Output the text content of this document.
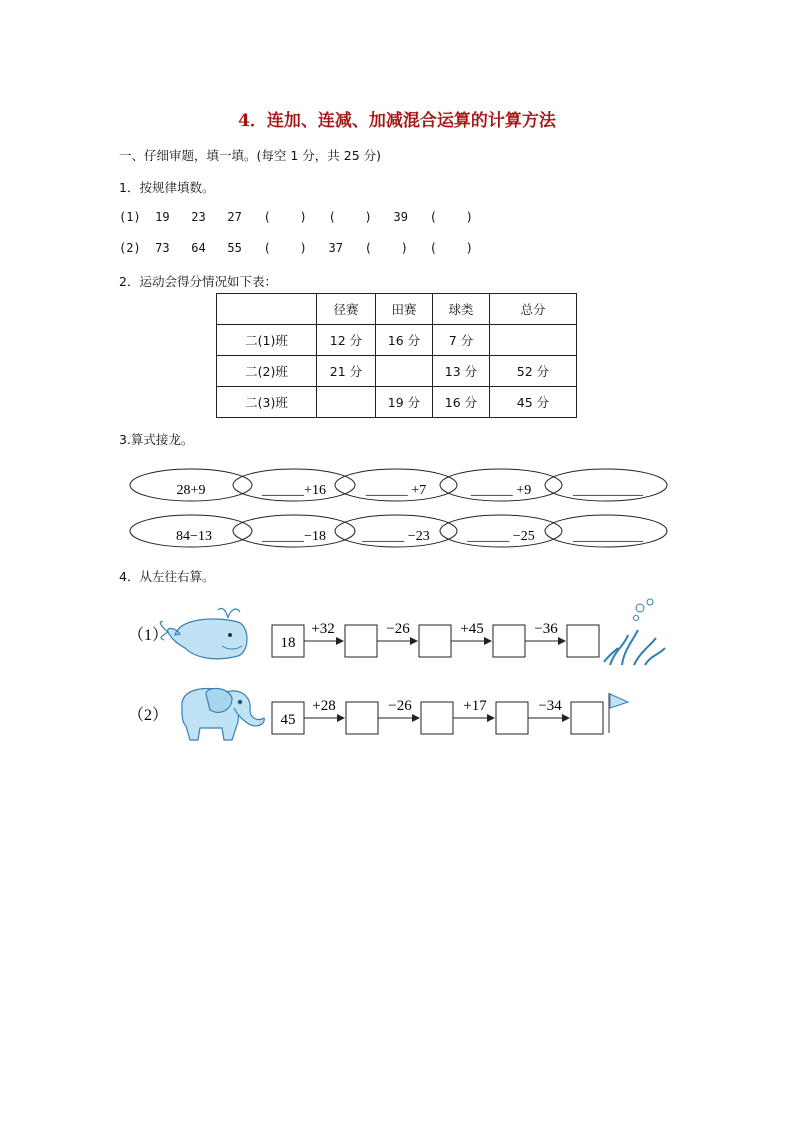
4．连加、连减、加减混合运算的计算方法
一、仔细审题，填一填。(每空 1 分，共 25 分)
1．按规律填数。
(1)  19   23   27   (    )   (    )   39   (    )
(2)  73   64   55   (    )   37   (    )   (    )
2．运动会得分情况如下表：
	径赛	田赛	球类	总分
二(1)班	12 分	16 分	7 分	
二(2)班	21 分		13 分	52 分
二(3)班		19 分	16 分	45 分
3.算式接龙。
28+9	______+16	______ +7	______ +9	__________
84−13	______−18	______ −23	______ −25	__________
4．从左往右算。
（1）	18
+32	−26	+45	−36
（2）	45
+28	−26	+17	−34
